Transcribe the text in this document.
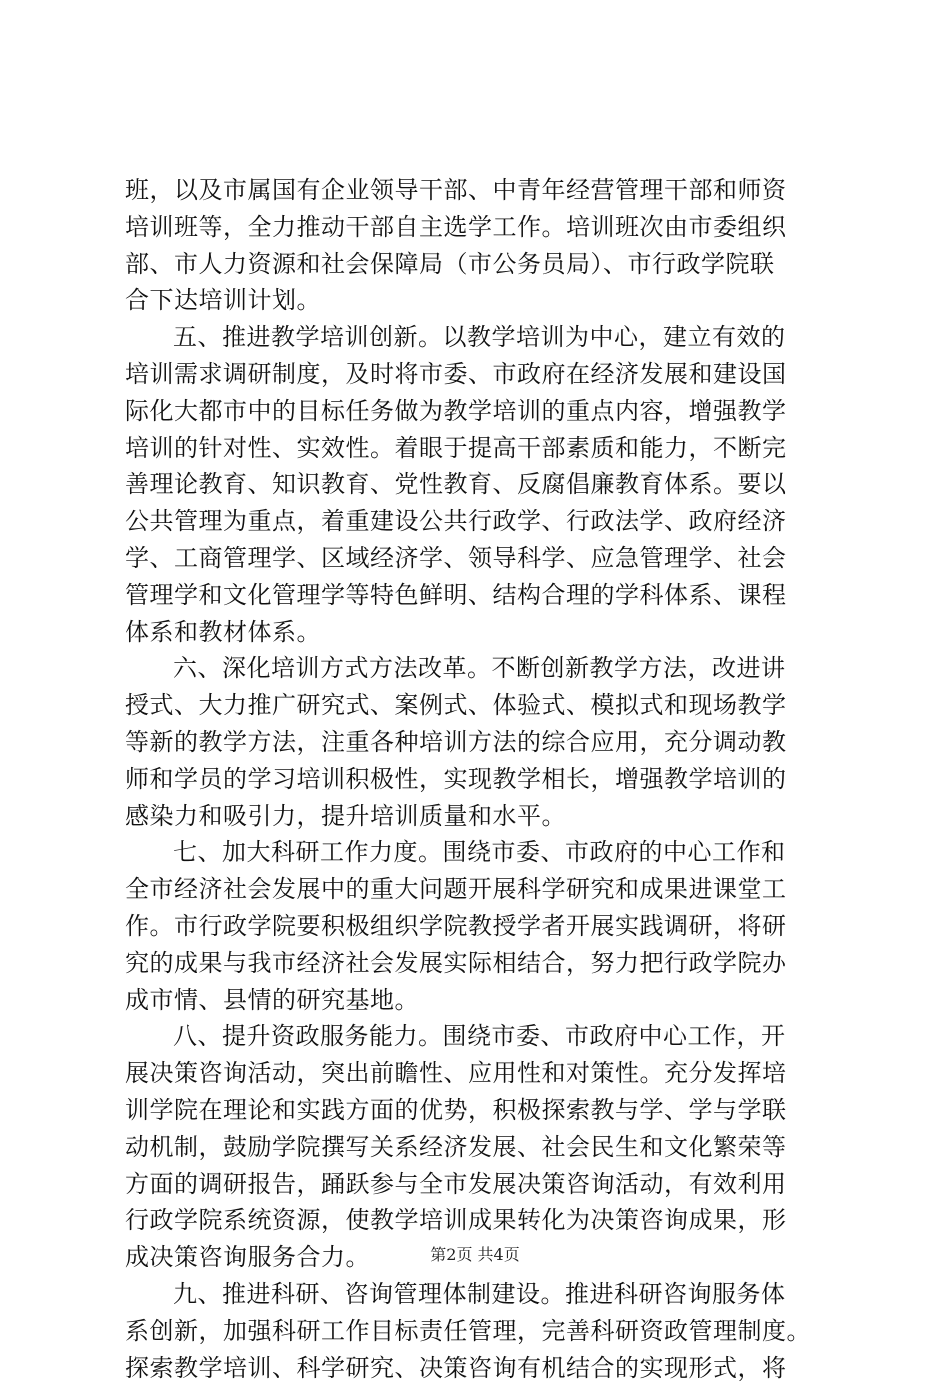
班，以及市属国有企业领导干部、中青年经营管理干部和师资
培训班等，全力推动干部自主选学工作。培训班次由市委组织
部、市人力资源和社会保障局（市公务员局）、市行政学院联
合下达培训计划。
五、推进教学培训创新。以教学培训为中心，建立有效的
培训需求调研制度，及时将市委、市政府在经济发展和建设国
际化大都市中的目标任务做为教学培训的重点内容，增强教学
培训的针对性、实效性。着眼于提高干部素质和能力，不断完
善理论教育、知识教育、党性教育、反腐倡廉教育体系。要以
公共管理为重点，着重建设公共行政学、行政法学、政府经济
学、工商管理学、区域经济学、领导科学、应急管理学、社会
管理学和文化管理学等特色鲜明、结构合理的学科体系、课程
体系和教材体系。
六、深化培训方式方法改革。不断创新教学方法，改进讲
授式、大力推广研究式、案例式、体验式、模拟式和现场教学
等新的教学方法，注重各种培训方法的综合应用，充分调动教
师和学员的学习培训积极性，实现教学相长，增强教学培训的
感染力和吸引力，提升培训质量和水平。
七、加大科研工作力度。围绕市委、市政府的中心工作和
全市经济社会发展中的重大问题开展科学研究和成果进课堂工
作。市行政学院要积极组织学院教授学者开展实践调研，将研
究的成果与我市经济社会发展实际相结合，努力把行政学院办
成市情、县情的研究基地。
八、提升资政服务能力。围绕市委、市政府中心工作，开
展决策咨询活动，突出前瞻性、应用性和对策性。充分发挥培
训学院在理论和实践方面的优势，积极探索教与学、学与学联
动机制，鼓励学院撰写关系经济发展、社会民生和文化繁荣等
方面的调研报告，踊跃参与全市发展决策咨询活动，有效利用
行政学院系统资源，使教学培训成果转化为决策咨询成果，形
成决策咨询服务合力。
九、推进科研、咨询管理体制建设。推进科研咨询服务体
系创新，加强科研工作目标责任管理，完善科研资政管理制度。
探索教学培训、科学研究、决策咨询有机结合的实现形式，将
第2页 共4页
